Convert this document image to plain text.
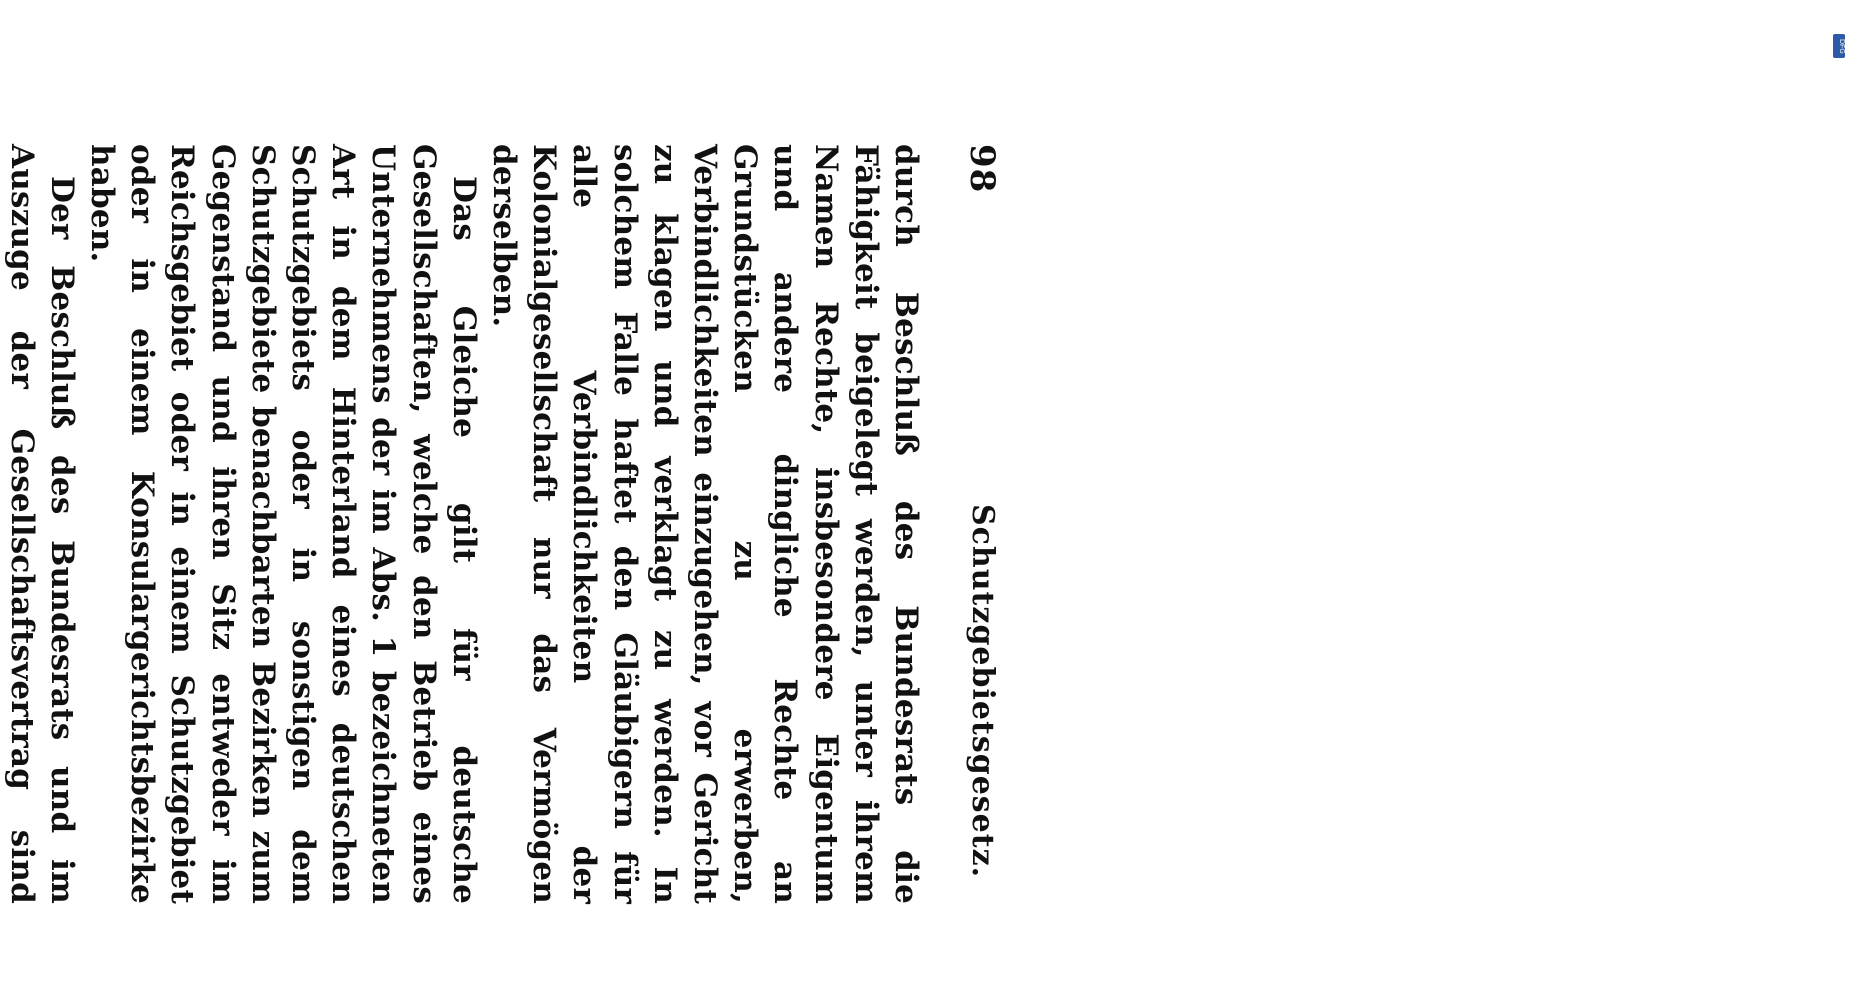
98
Schutzgebietsgesetz.

durch Beschluß des Bundesrats die Fähigkeit beigelegt werden, unter ihrem Namen Rechte, insbesondere Eigentum und andere dingliche Rechte an Grundstücken zu erwerben, Verbindlichkeiten einzugehen, vor Gericht zu klagen und verklagt zu werden. In solchem Falle haftet den Gläubigern für alle Verbindlichkeiten der Kolonialgesellschaft nur das Vermögen derselben.

Das Gleiche gilt für deutsche Gesellschaften, welche den Betrieb eines Unternehmens der im Abs. 1 bezeichneten Art in dem Hinterland eines deutschen Schutzgebiets oder in sonstigen dem Schutzgebiete benachbarten Bezirken zum Gegenstand und ihren Sitz entweder im Reichsgebiet oder in einem Schutzgebiet oder in einem Konsulargerichtsbezirke haben.

Der Beschluß des Bundesrats und im Auszuge der Gesellschaftsvertrag sind

DFG
